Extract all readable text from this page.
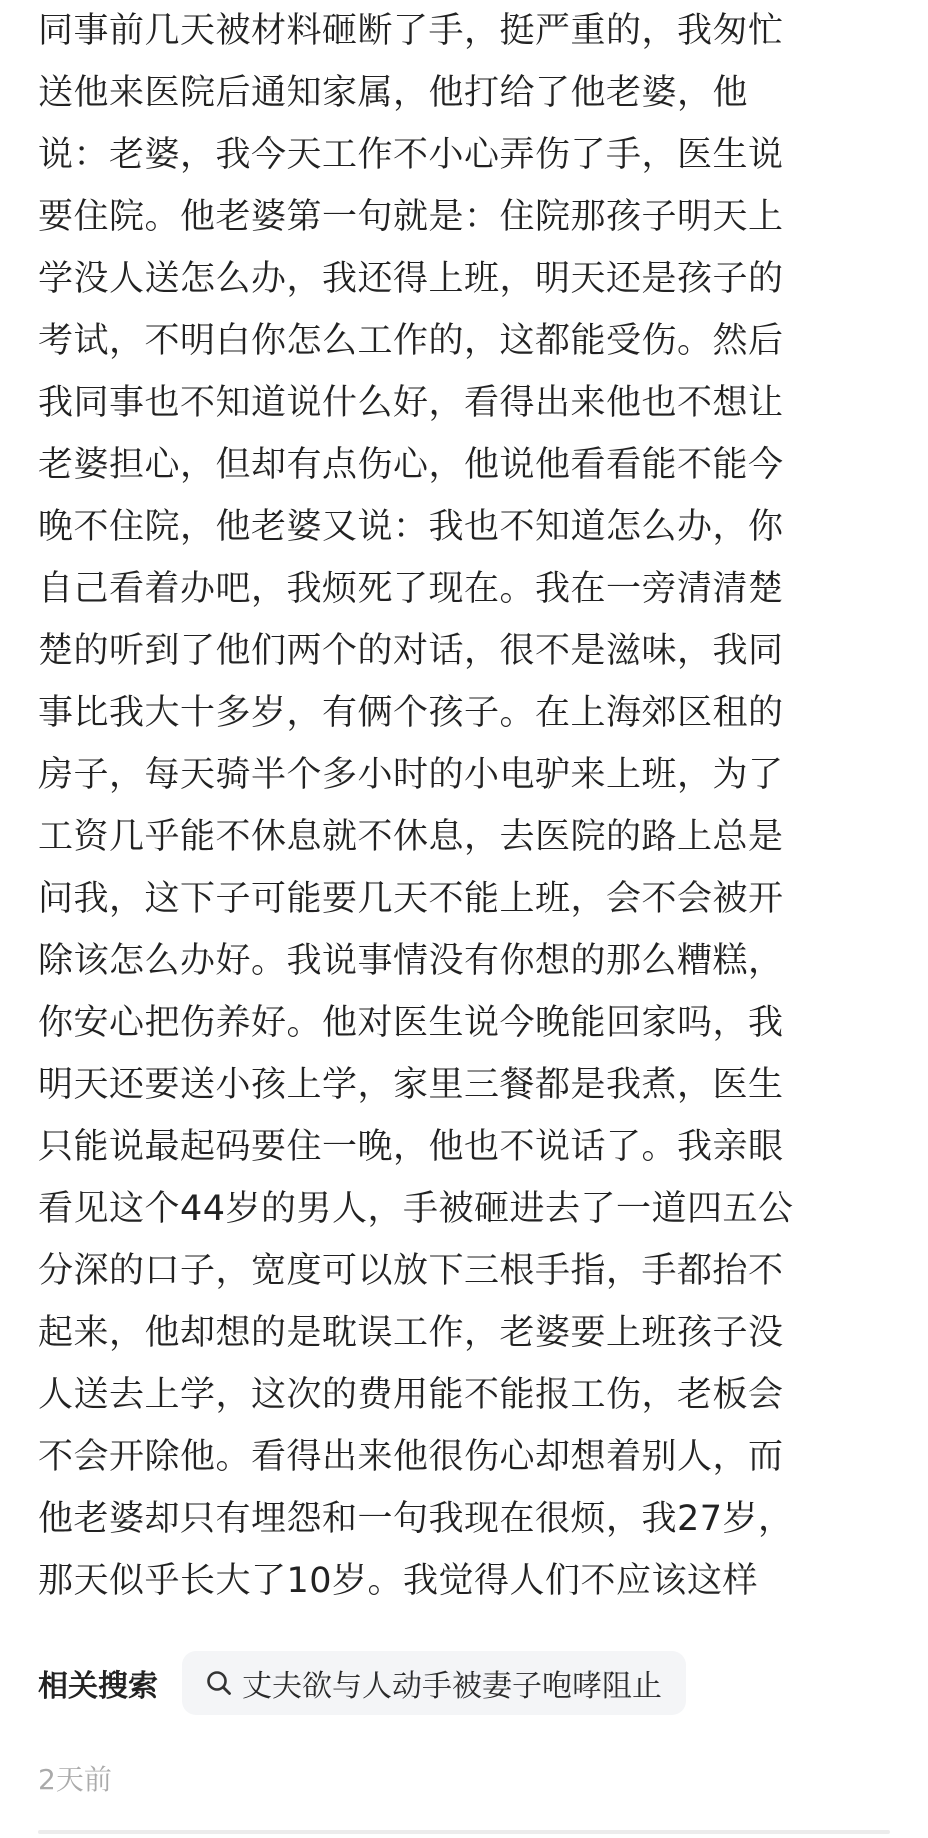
同事前几天被材料砸断了手，挺严重的，我匆忙
送他来医院后通知家属，他打给了他老婆，他
说：老婆，我今天工作不小心弄伤了手，医生说
要住院。他老婆第一句就是：住院那孩子明天上
学没人送怎么办，我还得上班，明天还是孩子的
考试，不明白你怎么工作的，这都能受伤。然后
我同事也不知道说什么好，看得出来他也不想让
老婆担心，但却有点伤心，他说他看看能不能今
晚不住院，他老婆又说：我也不知道怎么办，你
自己看着办吧，我烦死了现在。我在一旁清清楚
楚的听到了他们两个的对话，很不是滋味，我同
事比我大十多岁，有俩个孩子。在上海郊区租的
房子，每天骑半个多小时的小电驴来上班，为了
工资几乎能不休息就不休息，去医院的路上总是
问我，这下子可能要几天不能上班，会不会被开
除该怎么办好。我说事情没有你想的那么糟糕，
你安心把伤养好。他对医生说今晚能回家吗，我
明天还要送小孩上学，家里三餐都是我煮，医生
只能说最起码要住一晚，他也不说话了。我亲眼
看见这个44岁的男人，手被砸进去了一道四五公
分深的口子，宽度可以放下三根手指，手都抬不
起来，他却想的是耽误工作，老婆要上班孩子没
人送去上学，这次的费用能不能报工伤，老板会
不会开除他。看得出来他很伤心却想着别人，而
他老婆却只有埋怨和一句我现在很烦，我27岁，
那天似乎长大了10岁。我觉得人们不应该这样
相关搜索	丈夫欲与人动手被妻子咆哮阻止
2天前
